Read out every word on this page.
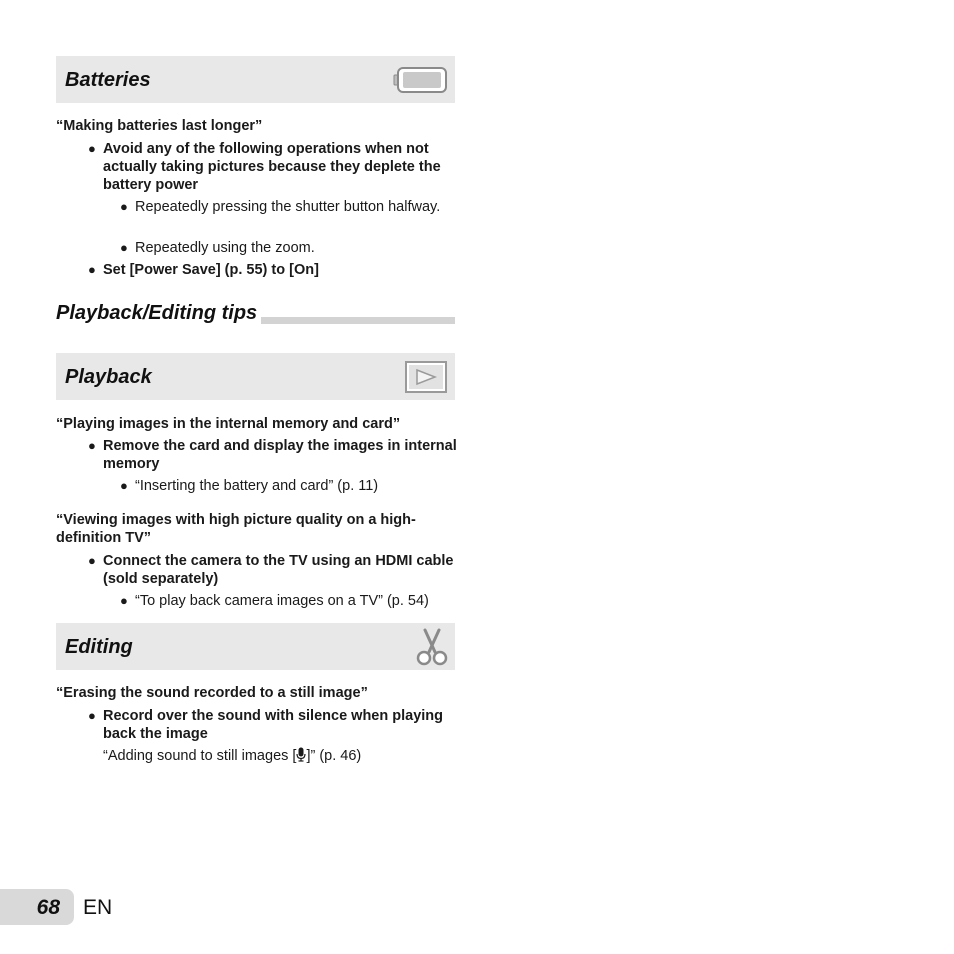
Batteries
“Making batteries last longer”
● Avoid any of the following operations when not actually taking pictures because they deplete the battery power
● Repeatedly pressing the shutter button halfway.
● Repeatedly using the zoom.
● Set [Power Save] (p. 55) to [On]
Playback/Editing tips
Playback
“Playing images in the internal memory and card”
● Remove the card and display the images in internal memory
● “Inserting the battery and card” (p. 11)
“Viewing images with high picture quality on a high-definition TV”
● Connect the camera to the TV using an HDMI cable (sold separately)
● “To play back camera images on a TV” (p. 54)
Editing
“Erasing the sound recorded to a still image”
● Record over the sound with silence when playing back the image
“Adding sound to still images [ ]” (p. 46)
68 EN
